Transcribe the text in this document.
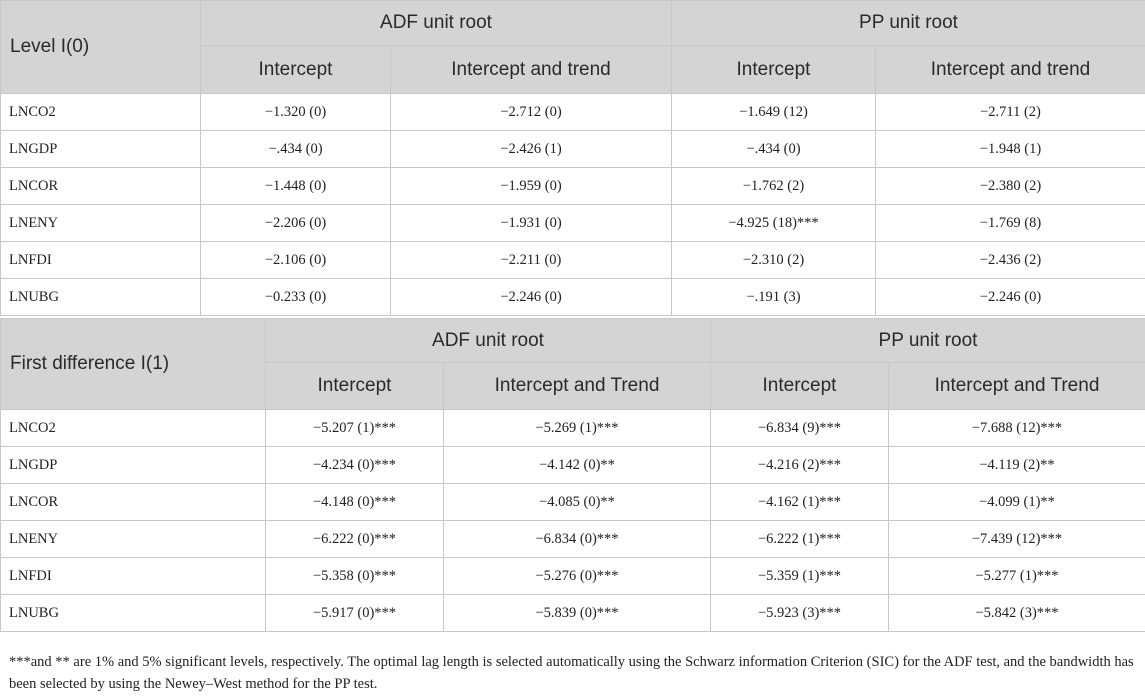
Level I(0)	ADF unit root		PP unit root	
	Intercept	Intercept and trend	Intercept	Intercept and trend
LNCO2	−1.320 (0)	−2.712 (0)	−1.649 (12)	−2.711 (2)
LNGDP	−.434 (0)	−2.426 (1)	−.434 (0)	−1.948 (1)
LNCOR	−1.448 (0)	−1.959 (0)	−1.762 (2)	−2.380 (2)
LNENY	−2.206 (0)	−1.931 (0)	−4.925 (18)***	−1.769 (8)
LNFDI	−2.106 (0)	−2.211 (0)	−2.310 (2)	−2.436 (2)
LNUBG	−0.233 (0)	−2.246 (0)	−.191 (3)	−2.246 (0)
First difference I(1)	ADF unit root		PP unit root	
	Intercept	Intercept and Trend	Intercept	Intercept and Trend
LNCO2	−5.207 (1)***	−5.269 (1)***	−6.834 (9)***	−7.688 (12)***
LNGDP	−4.234 (0)***	−4.142 (0)**	−4.216 (2)***	−4.119 (2)**
LNCOR	−4.148 (0)***	−4.085 (0)**	−4.162 (1)***	−4.099 (1)**
LNENY	−6.222 (0)***	−6.834 (0)***	−6.222 (1)***	−7.439 (12)***
LNFDI	−5.358 (0)***	−5.276 (0)***	−5.359 (1)***	−5.277 (1)***
LNUBG	−5.917 (0)***	−5.839 (0)***	−5.923 (3)***	−5.842 (3)***
***and ** are 1% and 5% significant levels, respectively. The optimal lag length is selected automatically using the Schwarz information Criterion (SIC) for the ADF test, and the bandwidth has been selected by using the Newey–West method for the PP test.
